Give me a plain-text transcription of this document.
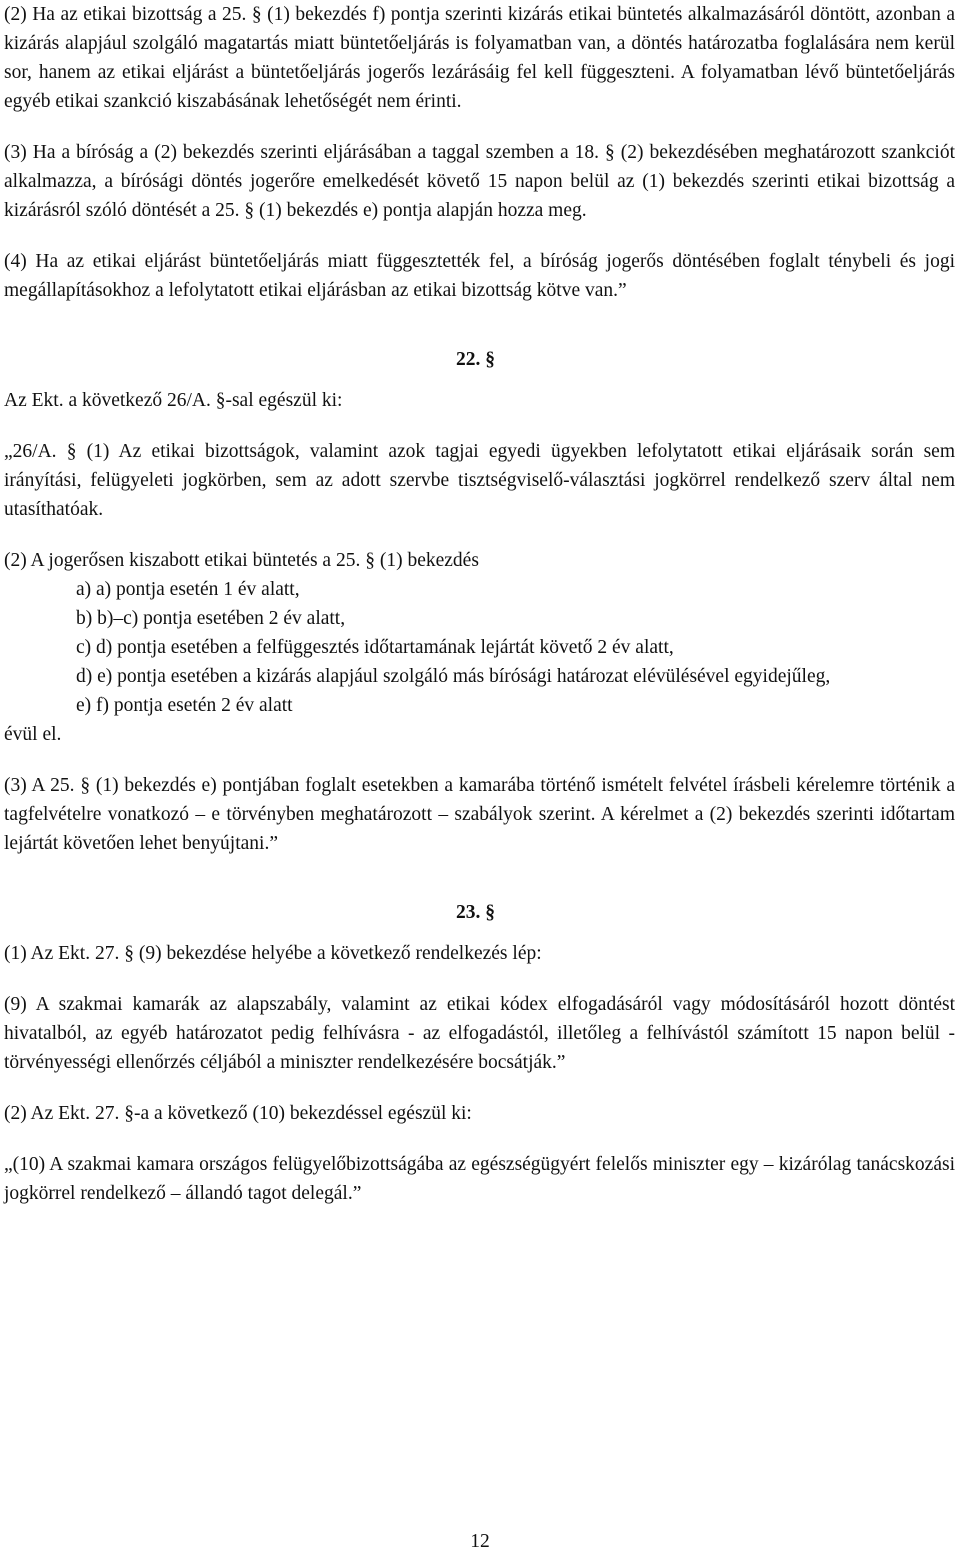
(2) Ha az etikai bizottság a 25. § (1) bekezdés f) pontja szerinti kizárás etikai büntetés alkalmazásáról döntött, azonban a kizárás alapjául szolgáló magatartás miatt büntetőeljárás is folyamatban van, a döntés határozatba foglalására nem kerül sor, hanem az etikai eljárást a büntetőeljárás jogerős lezárásáig fel kell függeszteni. A folyamatban lévő büntetőeljárás egyéb etikai szankció kiszabásának lehetőségét nem érinti.

(3) Ha a bíróság a (2) bekezdés szerinti eljárásában a taggal szemben a 18. § (2) bekezdésében meghatározott szankciót alkalmazza, a bírósági döntés jogerőre emelkedését követő 15 napon belül az (1) bekezdés szerinti etikai bizottság a kizárásról szóló döntését a 25. § (1) bekezdés e) pontja alapján hozza meg.

(4) Ha az etikai eljárást büntetőeljárás miatt függesztették fel, a bíróság jogerős döntésében foglalt ténybeli és jogi megállapításokhoz a lefolytatott etikai eljárásban az etikai bizottság kötve van.”

22. §

Az Ekt. a következő 26/A. §-sal egészül ki:

„26/A. § (1) Az etikai bizottságok, valamint azok tagjai egyedi ügyekben lefolytatott etikai eljárásaik során sem irányítási, felügyeleti jogkörben, sem az adott szervbe tisztségviselő-választási jogkörrel rendelkező szerv által nem utasíthatóak.

(2) A jogerősen kiszabott etikai büntetés a 25. § (1) bekezdés

a) a) pontja esetén 1 év alatt,

b) b)–c) pontja esetében 2 év alatt,

c) d) pontja esetében a felfüggesztés időtartamának lejártát követő 2 év alatt,

d) e) pontja esetében a kizárás alapjául szolgáló más bírósági határozat elévülésével egyidejűleg,

e) f) pontja esetén 2 év alatt

évül el.

(3) A 25. § (1) bekezdés e) pontjában foglalt esetekben a kamarába történő ismételt felvétel írásbeli kérelemre történik a tagfelvételre vonatkozó – e törvényben meghatározott – szabályok szerint. A kérelmet a (2) bekezdés szerinti időtartam lejártát követően lehet benyújtani.”

23. §

(1) Az Ekt. 27. § (9) bekezdése helyébe a következő rendelkezés lép:

(9) A szakmai kamarák az alapszabály, valamint az etikai kódex elfogadásáról vagy módosításáról hozott döntést hivatalból, az egyéb határozatot pedig felhívásra - az elfogadástól, illetőleg a felhívástól számított 15 napon belül - törvényességi ellenőrzés céljából a miniszter rendelkezésére bocsátják.”

(2) Az Ekt. 27. §-a a következő (10) bekezdéssel egészül ki:

„(10) A szakmai kamara országos felügyelőbizottságába az egészségügyért felelős miniszter egy – kizárólag tanácskozási jogkörrel rendelkező – állandó tagot delegál.”

12
